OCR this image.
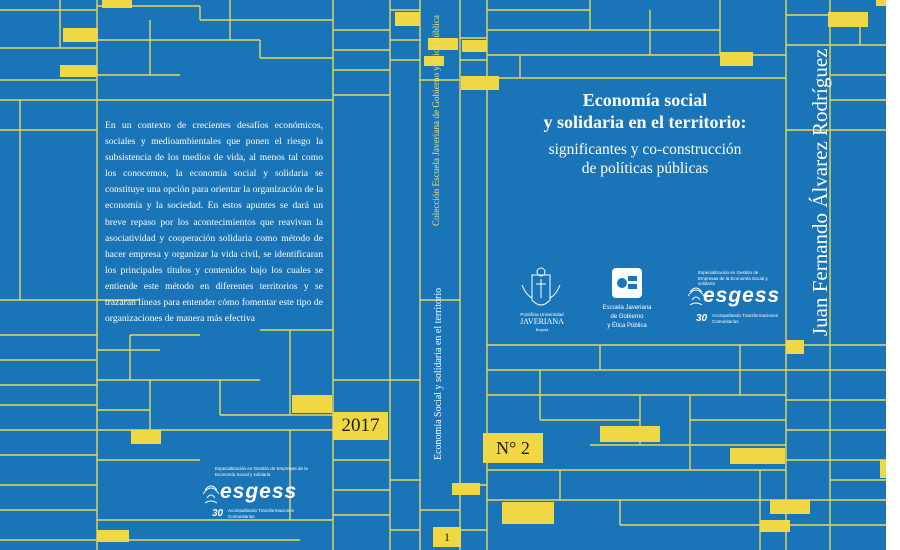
En un contexto de crecientes desafíos económicos, sociales y medioambientales que ponen el riesgo la subsistencia de los medios de vida, al menos tal como los conocemos, la economía social y solidaria se constituye una opción para orientar la organización de la economía y la sociedad. En estos apuntes se dará un breve repaso por los acontecimientos que reavivan la asociatividad y cooperación solidaria como método de hacer empresa y organizar la vida civil, se identificaran los principales títulos y contenidos bajo los cuales se entiende este método en diferentes territorios y se trazaran líneas para entender cómo fomentar este tipo de organizaciones de manera más efectiva
2017
Especialización en Gestión de Empresas de la Economía Social y solidaria
esgess
30 Acompañando Transformaciones Comunitarias
Colección Escuela Javeriana de Gobierno y Ética Pública
Economía Social y solidaria en el territorio
1
Economía social
y solidaria en el territorio:
significantes y co-construcción
de políticas públicas
N° 2
Juan Fernando Álvarez Rodríguez
Pontificia Universidad
JAVERIANA
Bogotá
Escuela Javeriana
de Gobierno
y Ética Pública
Especialización en Gestión de Empresas de la Economía Social y solidaria
esgess
30 Acompañando Transformaciones Comunitarias
